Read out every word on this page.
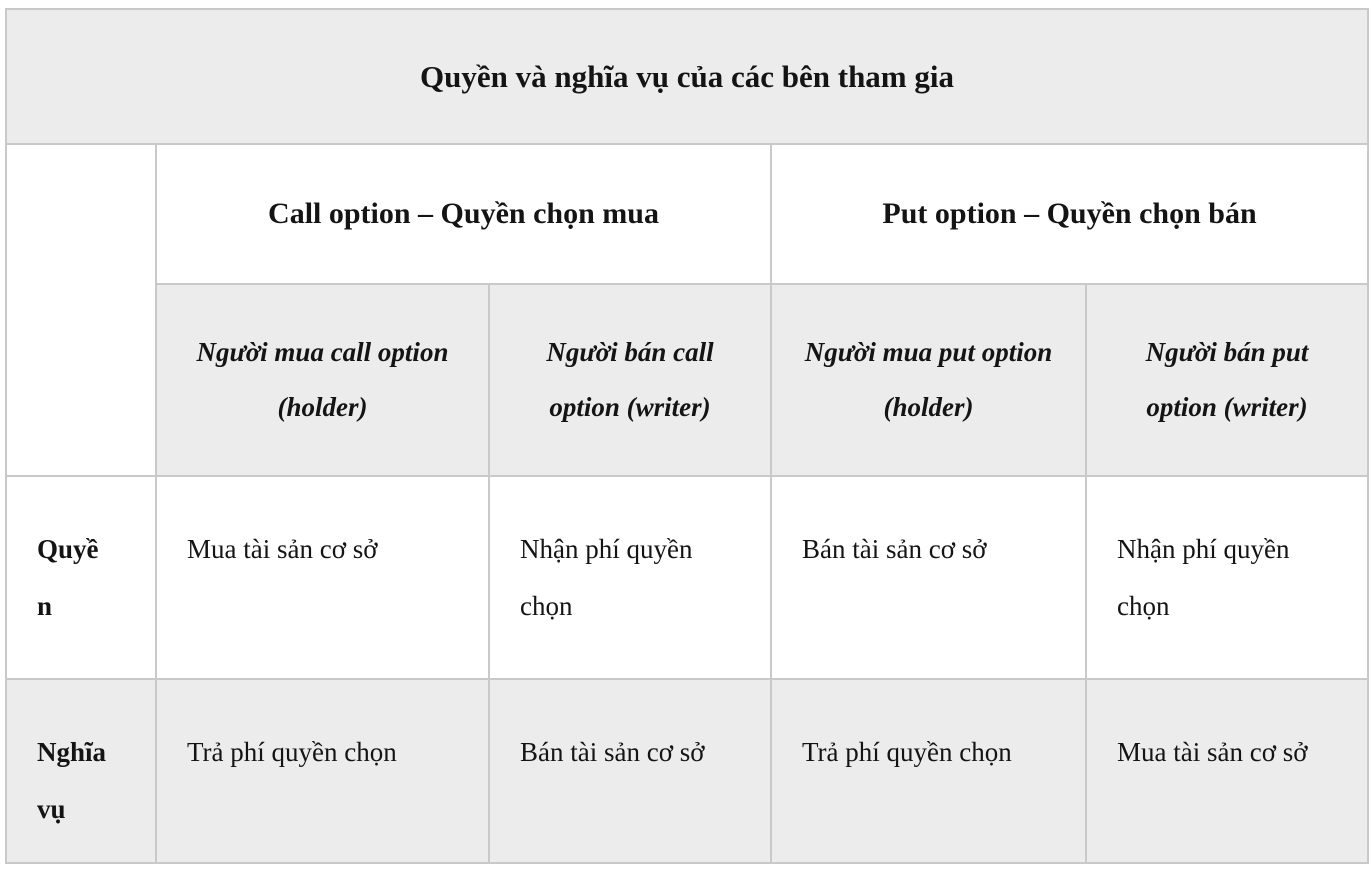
Quyền và nghĩa vụ của các bên tham gia				
	Call option – Quyền chọn mua		Put option – Quyền chọn bán	
	Người mua call option (holder)	Người bán call option (writer)	Người mua put option (holder)	Người bán put option (writer)
Quyền	Mua tài sản cơ sở	Nhận phí quyền chọn	Bán tài sản cơ sở	Nhận phí quyền chọn
Nghĩa vụ	Trả phí quyền chọn	Bán tài sản cơ sở	Trả phí quyền chọn	Mua tài sản cơ sở
